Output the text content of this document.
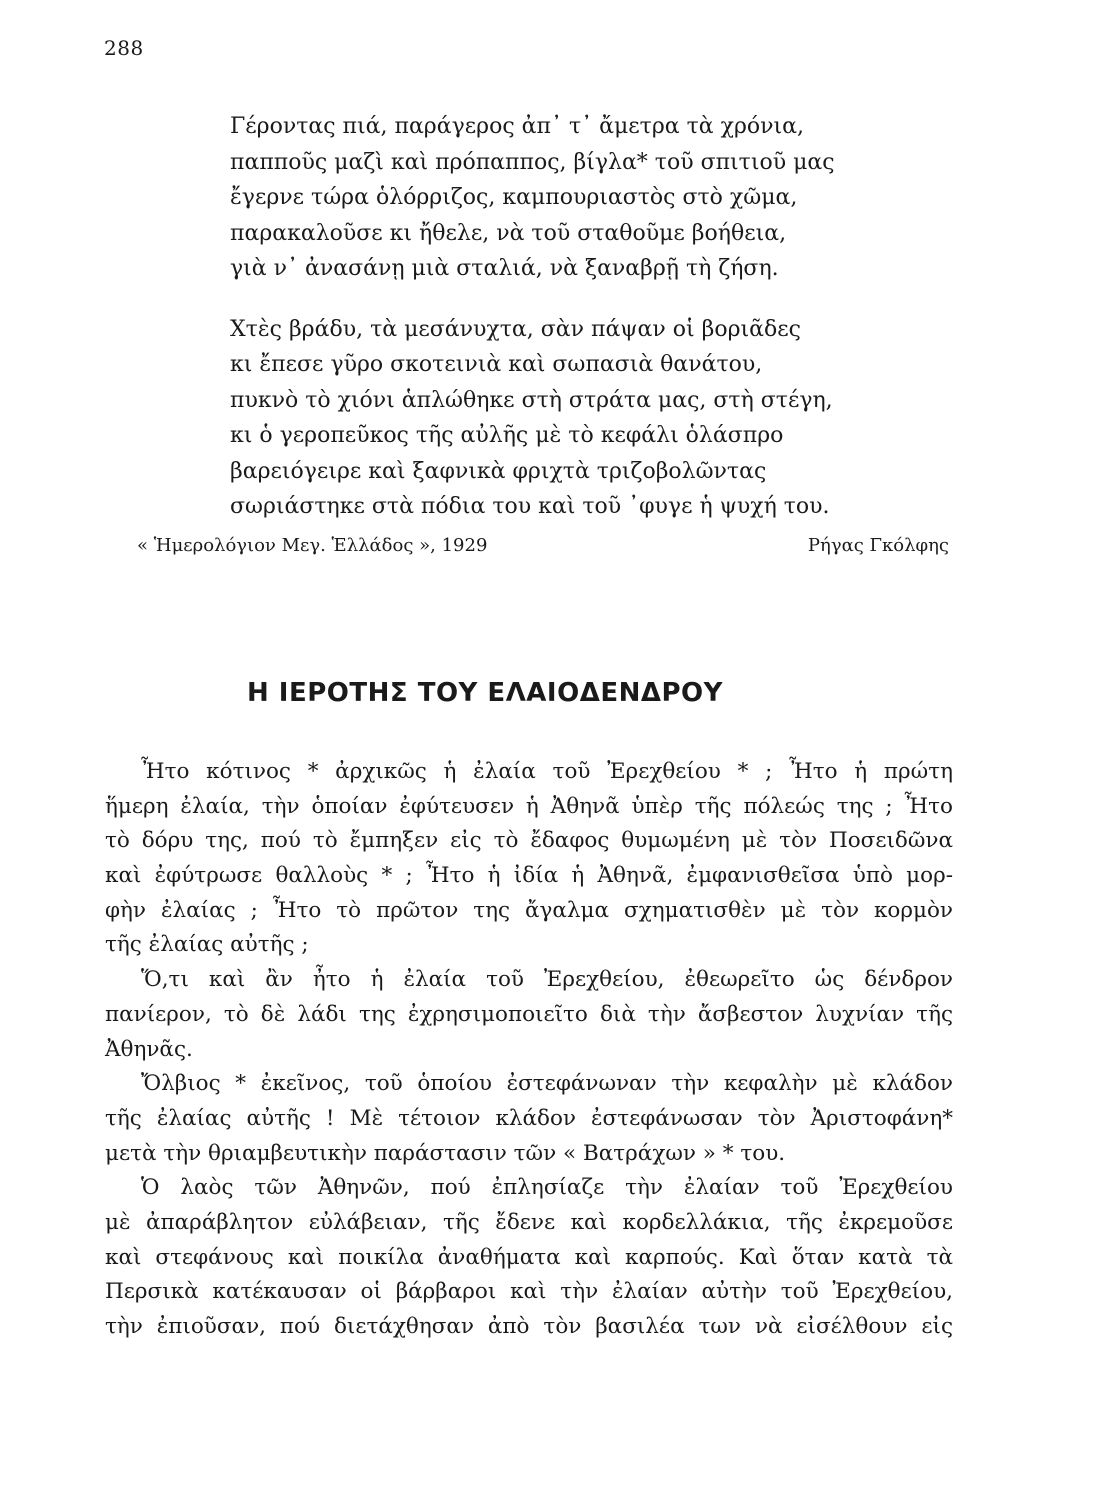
288
Γέροντας πιά, παράγερος ἀπ᾽ τ᾽ ἄμετρα τὰ χρόνια,
παπποῦς μαζὶ καὶ πρόπαππος, βίγλα* τοῦ σπιτιοῦ μας
ἔγερνε τώρα ὁλόρριζος, καμπουριαστὸς στὸ χῶμα,
παρακαλοῦσε κι ἤθελε, νὰ τοῦ σταθοῦμε βοήθεια,
γιὰ ν᾽ ἀνασάνῃ μιὰ σταλιά, νὰ ξαναβρῇ τὴ ζήση.
Χτὲς βράδυ, τὰ μεσάνυχτα, σὰν πάψαν οἱ βοριᾶδες
κι ἔπεσε γῦρο σκοτεινιὰ καὶ σωπασιὰ θανάτου,
πυκνὸ τὸ χιόνι ἁπλώθηκε στὴ στράτα μας, στὴ στέγη,
κι ὁ γεροπεῦκος τῆς αὐλῆς μὲ τὸ κεφάλι ὁλάσπρο
βαρειόγειρε καὶ ξαφνικὰ φριχτὰ τριζοβολῶντας
σωριάστηκε στὰ πόδια του καὶ τοῦ ᾽φυγε ἡ ψυχή του.
« Ἡμερολόγιον Μεγ. Ἑλλάδος », 1929	Ρήγας Γκόλφης
Η ΙΕΡΟΤΗΣ ΤΟΥ ΕΛΑΙΟΔΕΝΔΡΟΥ
Ἦτο κότινος * ἀρχικῶς ἡ ἐλαία τοῦ Ἐρεχθείου * ; Ἦτο ἡ πρώτη
ἥμερη ἐλαία, τὴν ὁποίαν ἐφύτευσεν ἡ Ἀθηνᾶ ὑπὲρ τῆς πόλεώς της ; Ἦτο
τὸ δόρυ της, πού τὸ ἔμπηξεν εἰς τὸ ἔδαφος θυμωμένη μὲ τὸν Ποσειδῶνα
καὶ ἐφύτρωσε θαλλοὺς * ; Ἦτο ἡ ἰδία ἡ Ἀθηνᾶ, ἐμφανισθεῖσα ὑπὸ μορ-
φὴν ἐλαίας ; Ἦτο τὸ πρῶτον της ἄγαλμα σχηματισθὲν μὲ τὸν κορμὸν
τῆς ἐλαίας αὐτῆς ;
Ὅ,τι καὶ ἂν ἦτο ἡ ἐλαία τοῦ Ἐρεχθείου, ἐθεωρεῖτο ὡς δένδρον
πανίερον, τὸ δὲ λάδι της ἐχρησιμοποιεῖτο διὰ τὴν ἄσβεστον λυχνίαν τῆς
Ἀθηνᾶς.
Ὄλβιος * ἐκεῖνος, τοῦ ὁποίου ἐστεφάνωναν τὴν κεφαλὴν μὲ κλάδον
τῆς ἐλαίας αὐτῆς ! Μὲ τέτοιον κλάδον ἐστεφάνωσαν τὸν Ἀριστοφάνη*
μετὰ τὴν θριαμβευτικὴν παράστασιν τῶν « Βατράχων » * του.
Ὁ λαὸς τῶν Ἀθηνῶν, πού ἐπλησίαζε τὴν ἐλαίαν τοῦ Ἐρεχθείου
μὲ ἀπαράβλητον εὐλάβειαν, τῆς ἔδενε καὶ κορδελλάκια, τῆς ἐκρεμοῦσε
καὶ στεφάνους καὶ ποικίλα ἀναθήματα καὶ καρπούς. Καὶ ὅταν κατὰ τὰ
Περσικὰ κατέκαυσαν οἱ βάρβαροι καὶ τὴν ἐλαίαν αὐτὴν τοῦ Ἐρεχθείου,
τὴν ἐπιοῦσαν, πού διετάχθησαν ἀπὸ τὸν βασιλέα των νὰ εἰσέλθουν εἰς
